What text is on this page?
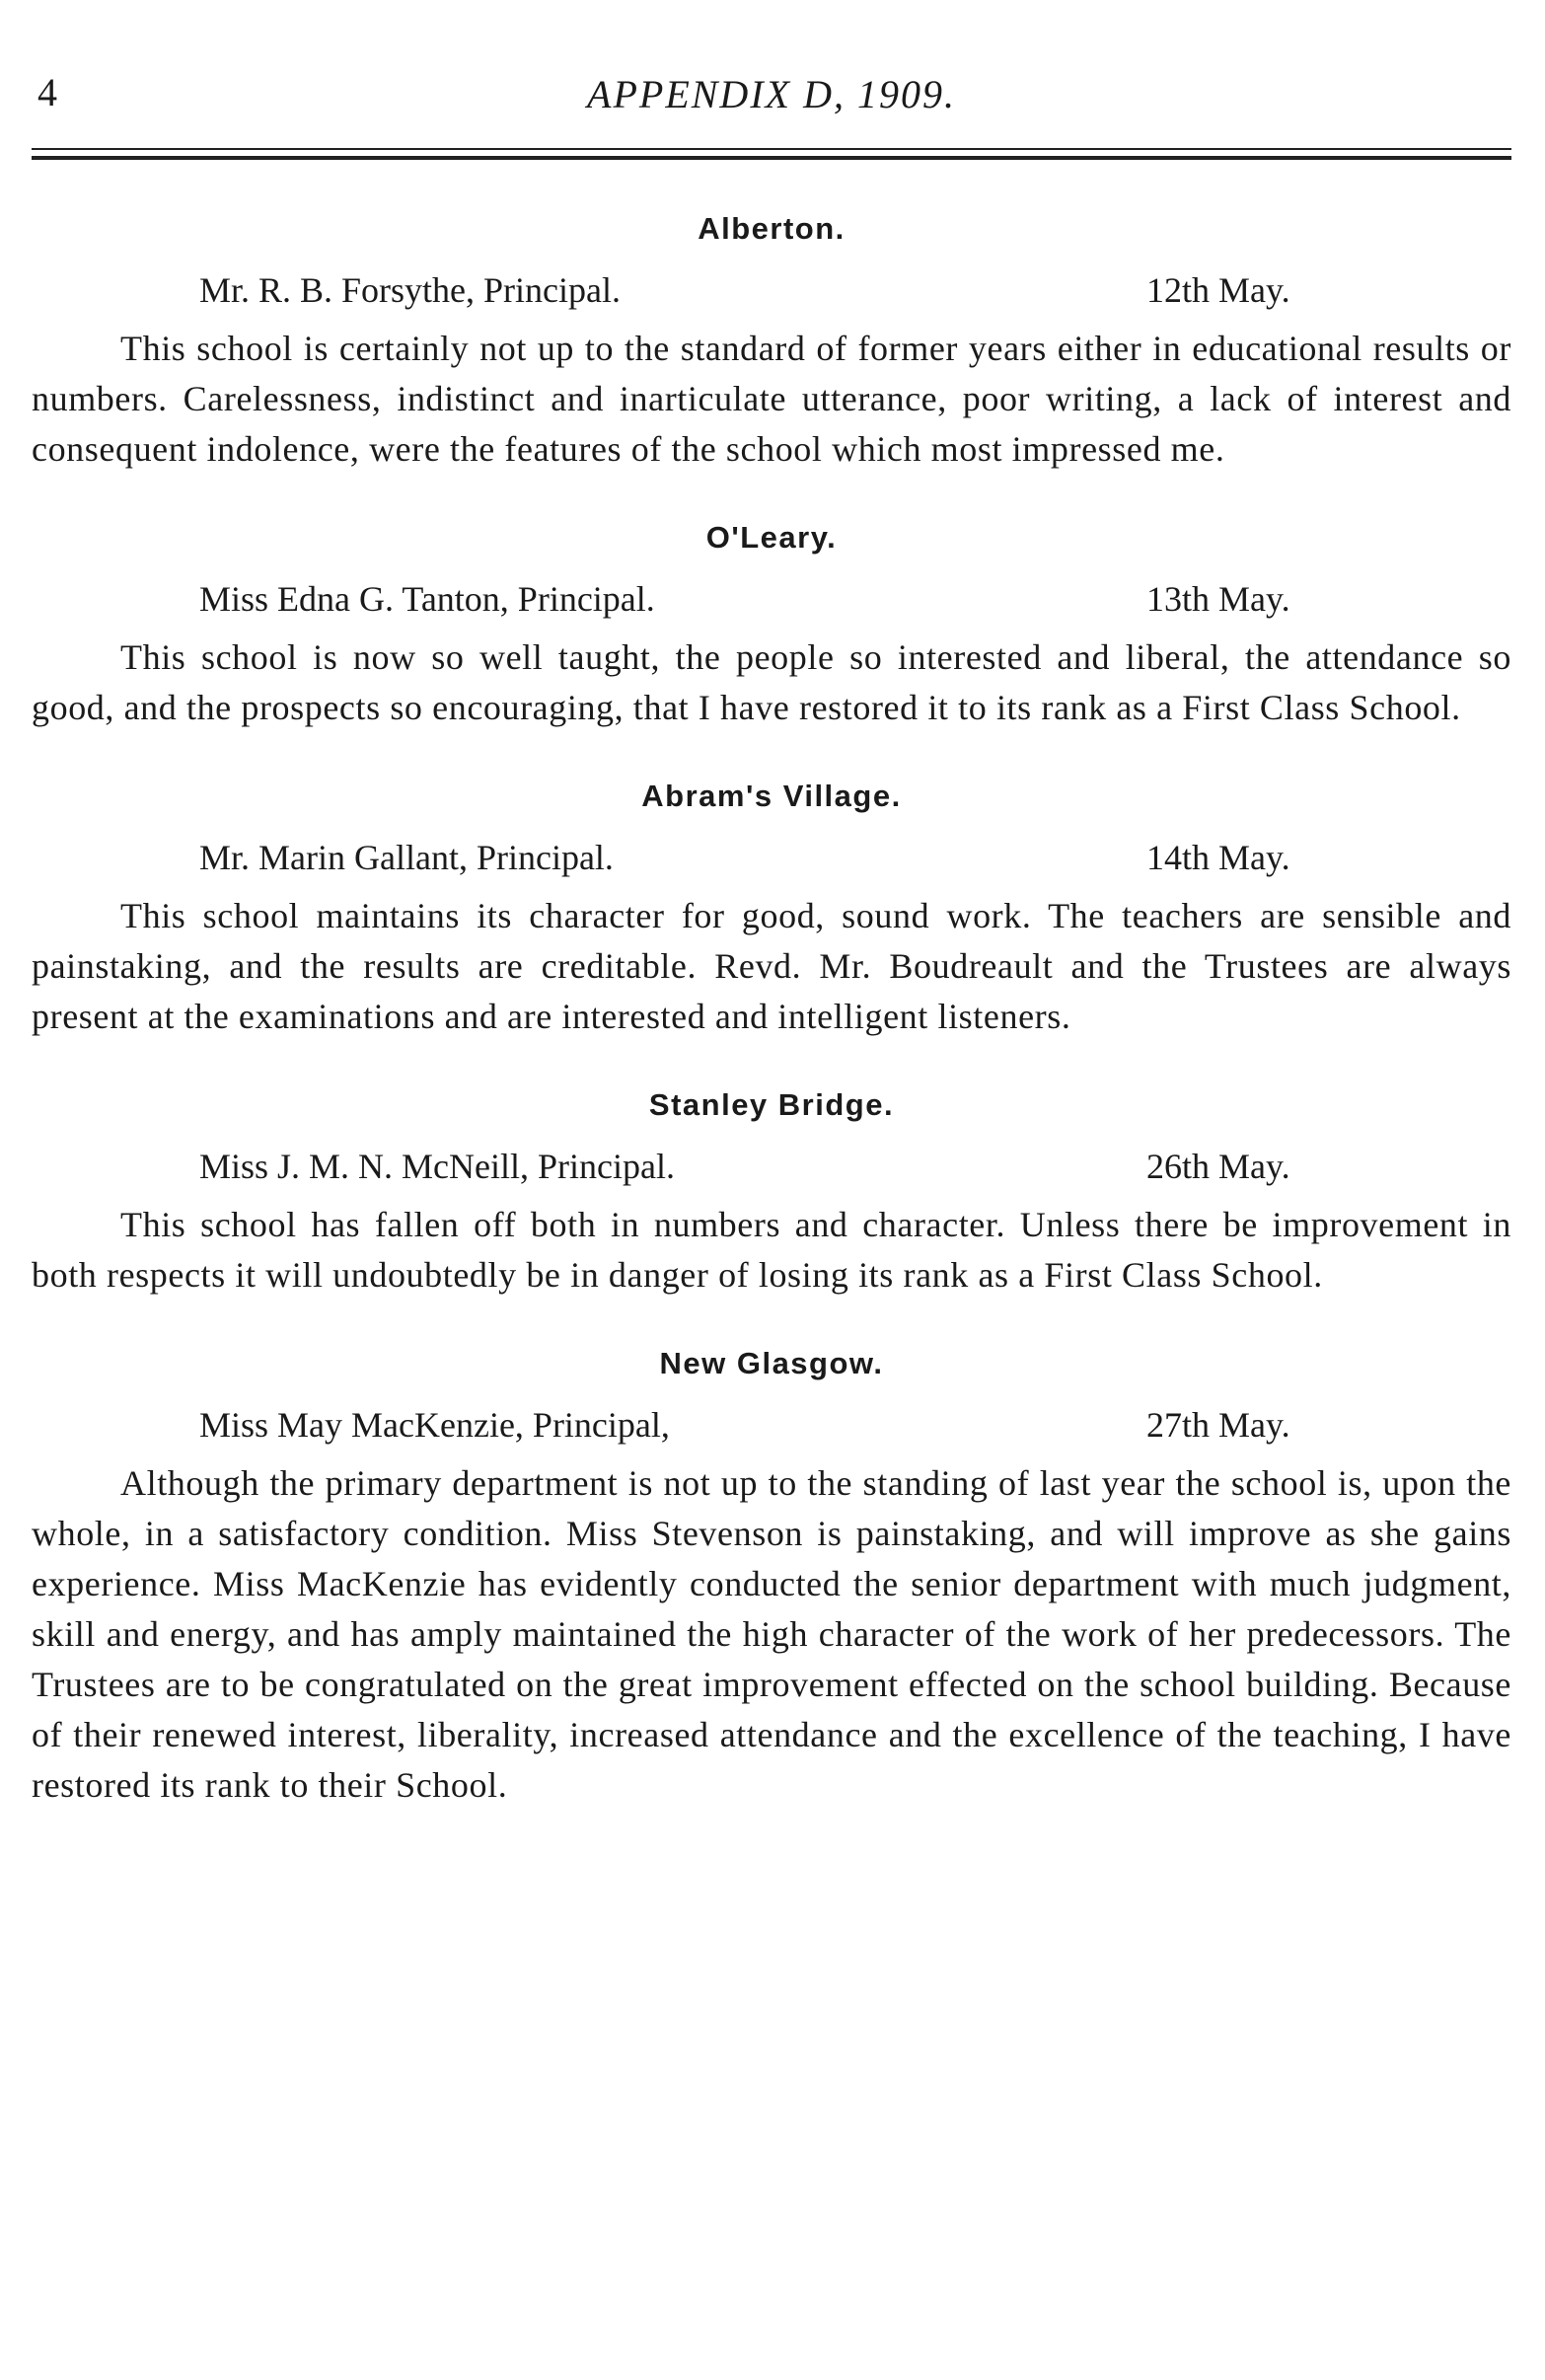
4	APPENDIX D, 1909.
Alberton.
Mr. R. B. Forsythe, Principal.	12th May.

This school is certainly not up to the standard of former years either in educational results or numbers. Carelessness, indistinct and inarticulate utterance, poor writing, a lack of interest and consequent indolence, were the features of the school which most impressed me.

O'Leary.
Miss Edna G. Tanton, Principal.	13th May.

This school is now so well taught, the people so interested and liberal, the attendance so good, and the prospects so encouraging, that I have restored it to its rank as a First Class School.

Abram's Village.
Mr. Marin Gallant, Principal.	14th May.

This school maintains its character for good, sound work. The teachers are sensible and painstaking, and the results are creditable. Revd. Mr. Boudreault and the Trustees are always present at the examinations and are interested and intelligent listeners.

Stanley Bridge.
Miss J. M. N. McNeill, Principal.	26th May.

This school has fallen off both in numbers and character. Unless there be improvement in both respects it will undoubtedly be in danger of losing its rank as a First Class School.

New Glasgow.
Miss May MacKenzie, Principal,	27th May.

Although the primary department is not up to the standing of last year the school is, upon the whole, in a satisfactory condition. Miss Stevenson is painstaking, and will improve as she gains experience. Miss MacKenzie has evidently conducted the senior department with much judgment, skill and energy, and has amply maintained the high character of the work of her predecessors. The Trustees are to be congratulated on the great improvement effected on the school building. Because of their renewed interest, liberality, increased attendance and the excellence of the teaching, I have restored its rank to their School.
